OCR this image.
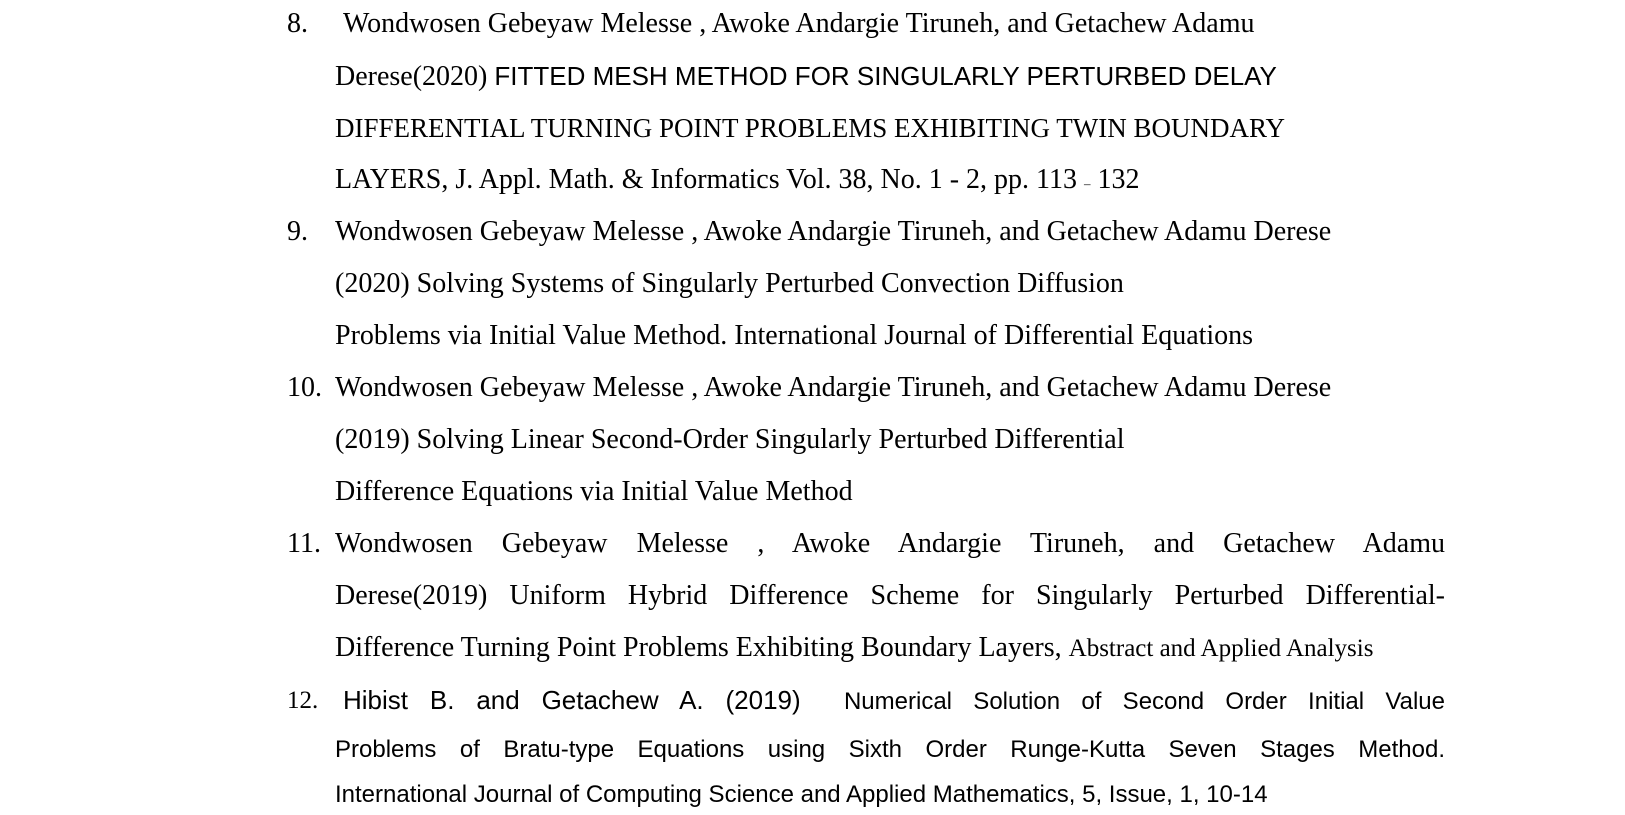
8. Wondwosen Gebeyaw Melesse , Awoke Andargie Tiruneh, and Getachew Adamu

Derese(2020) FITTED MESH METHOD FOR SINGULARLY PERTURBED DELAY

DIFFERENTIAL TURNING POINT PROBLEMS EXHIBITING TWIN BOUNDARY

LAYERS, J. Appl. Math. & Informatics Vol. 38, No. 1 - 2, pp. 113 – 132

9. Wondwosen Gebeyaw Melesse , Awoke Andargie Tiruneh, and Getachew Adamu Derese

(2020) Solving Systems of Singularly Perturbed Convection Diffusion

Problems via Initial Value Method. International Journal of Differential Equations

10. Wondwosen Gebeyaw Melesse , Awoke Andargie Tiruneh, and Getachew Adamu Derese

(2019) Solving Linear Second-Order Singularly Perturbed Differential

Difference Equations via Initial Value Method

11. Wondwosen Gebeyaw Melesse , Awoke Andargie Tiruneh, and Getachew Adamu

Derese(2019) Uniform Hybrid Difference Scheme for Singularly Perturbed Differential-

Difference Turning Point Problems Exhibiting Boundary Layers, Abstract and Applied Analysis

12. Hibist B. and Getachew A. (2019) Numerical Solution of Second Order Initial Value

Problems of Bratu-type Equations using Sixth Order Runge-Kutta Seven Stages Method.

International Journal of Computing Science and Applied Mathematics, 5, Issue, 1, 10-14
